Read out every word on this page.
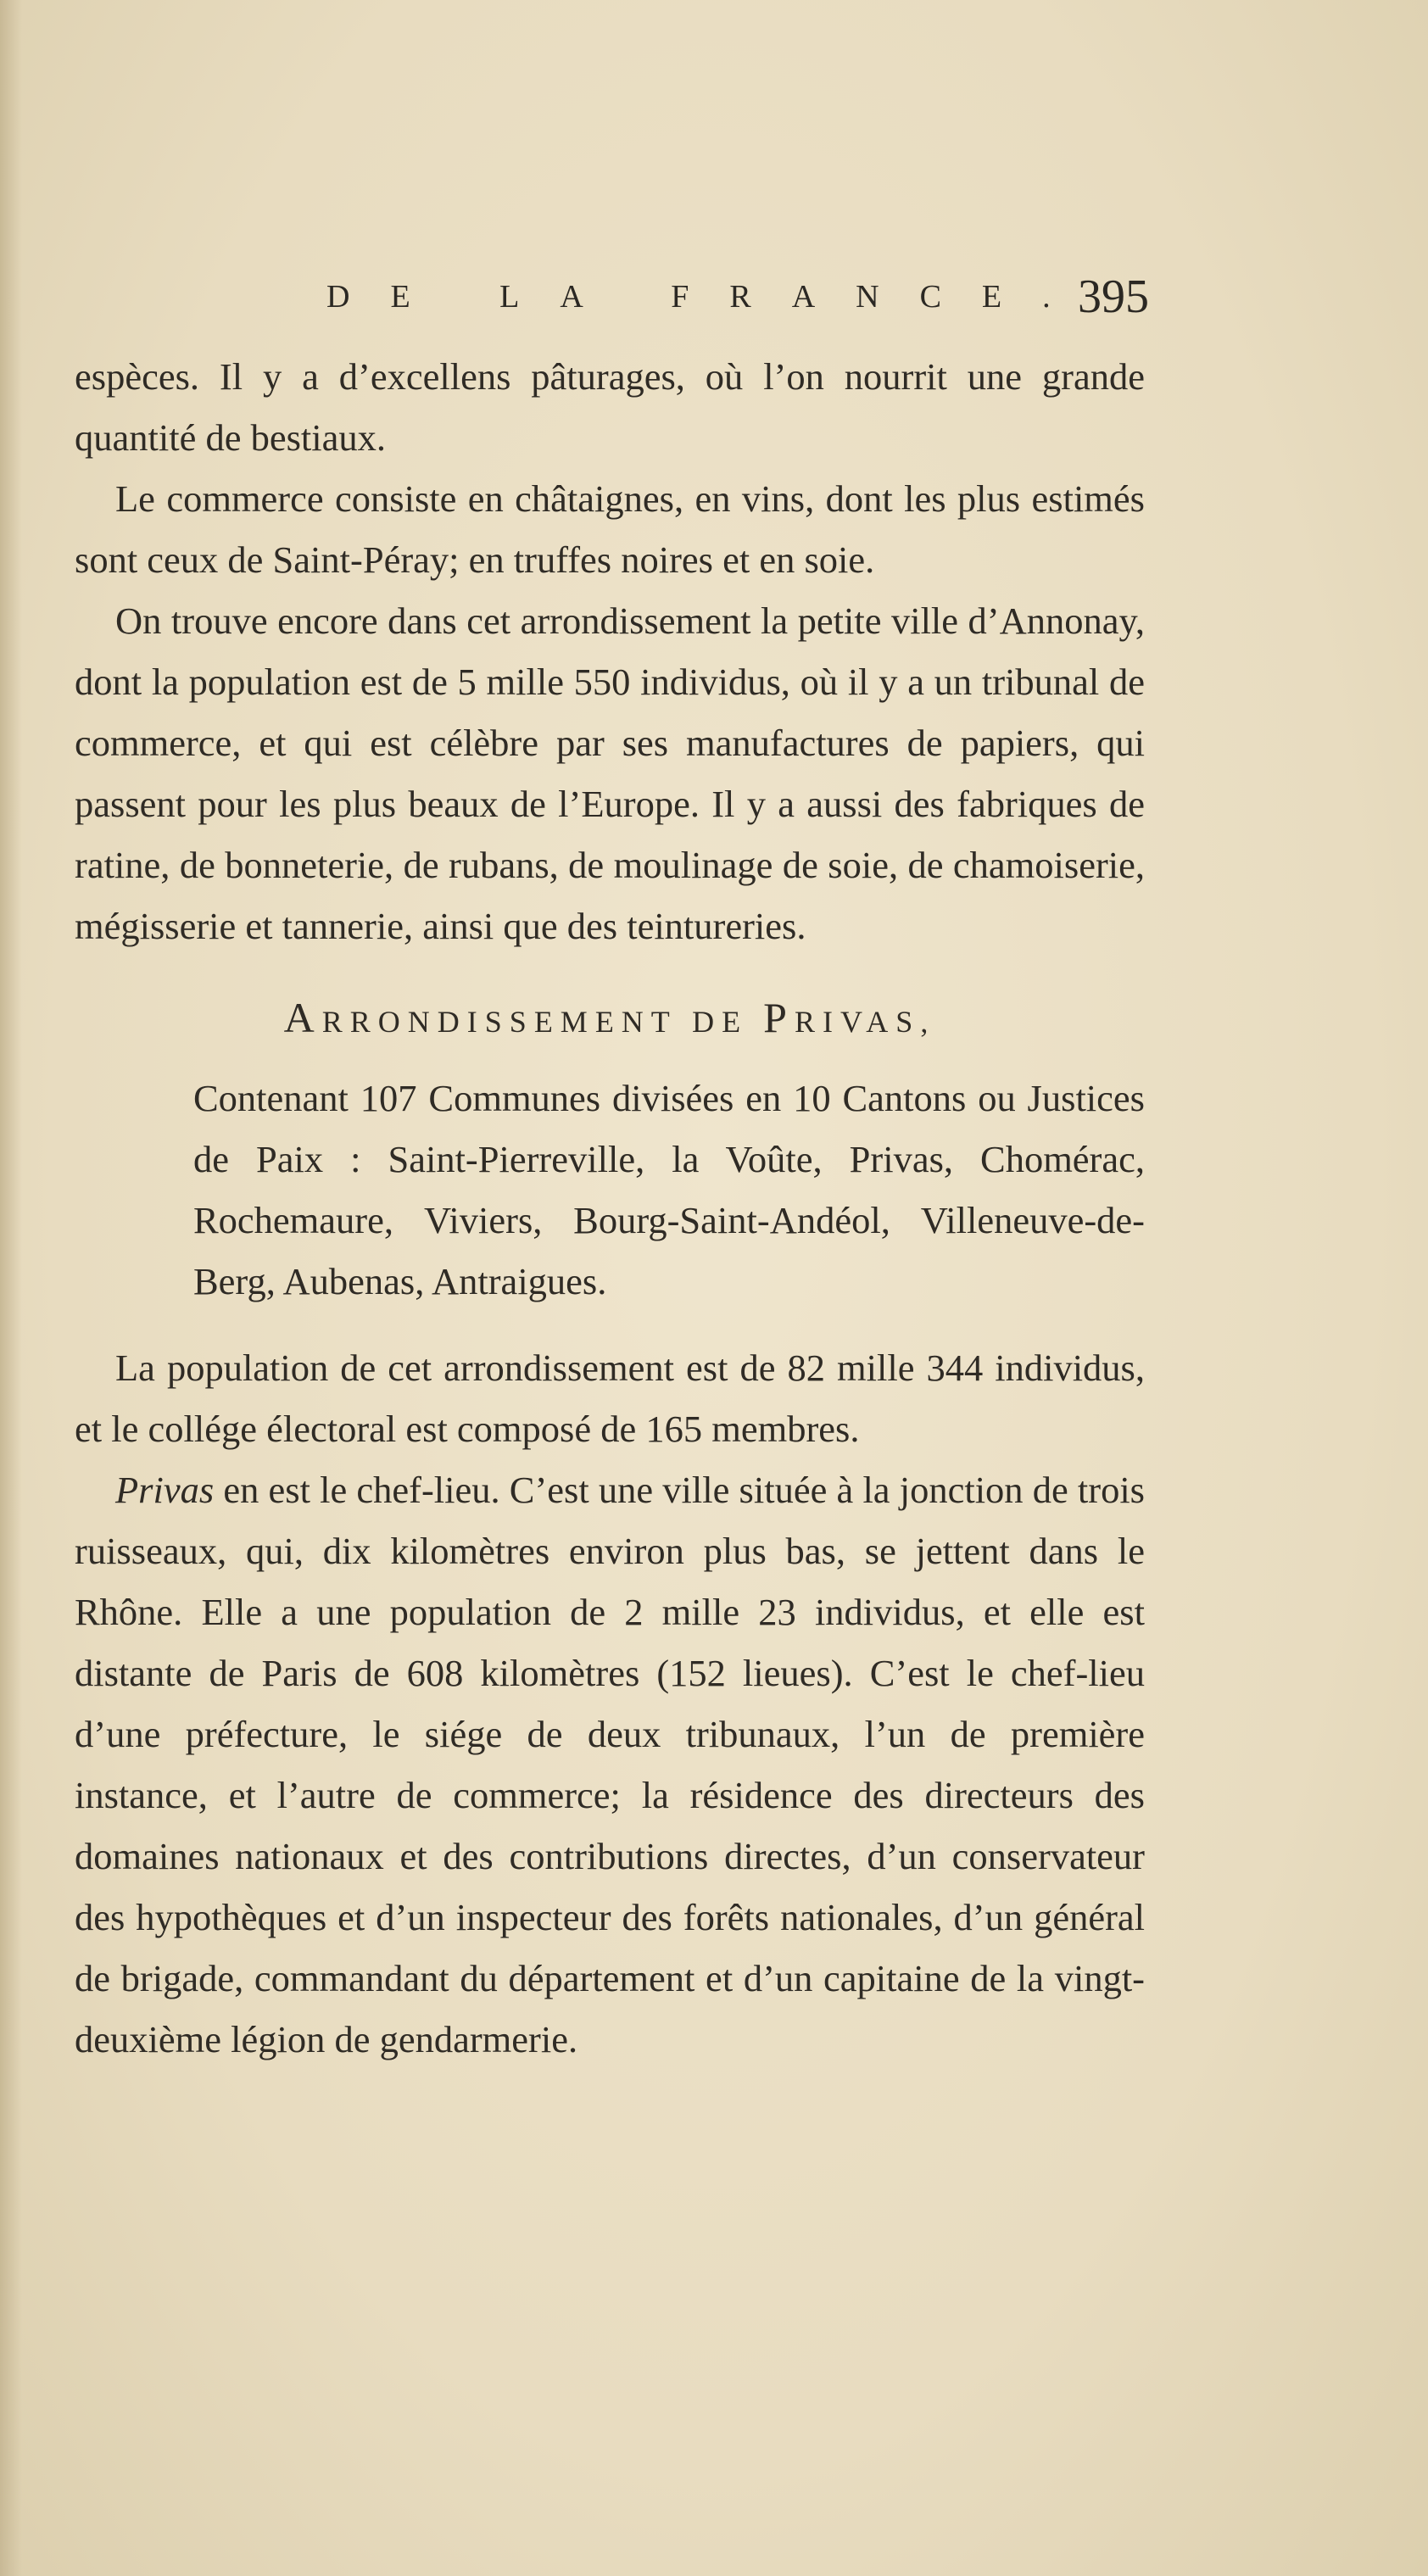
DE LA FRANCE.
395

espèces. Il y a d’excellens pâturages, où l’on nourrit une grande quantité de bestiaux.

Le commerce consiste en châtaignes, en vins, dont les plus estimés sont ceux de Saint-Péray; en truffes noires et en soie.

On trouve encore dans cet arrondissement la petite ville d’Annonay, dont la population est de 5 mille 550 individus, où il y a un tribunal de commerce, et qui est célèbre par ses manufactures de papiers, qui passent pour les plus beaux de l’Europe. Il y a aussi des fabriques de ratine, de bonneterie, de rubans, de moulinage de soie, de chamoiserie, mégisserie et tannerie, ainsi que des teintureries.

ARRONDISSEMENT DE PRIVAS,

Contenant 107 Communes divisées en 10 Cantons ou Justices de Paix : Saint-Pierreville, la Voûte, Privas, Chomérac, Rochemaure, Viviers, Bourg-Saint-Andéol, Villeneuve-de-Berg, Aubenas, Antraigues.

La population de cet arrondissement est de 82 mille 344 individus, et le collége électoral est composé de 165 membres.

Privas en est le chef-lieu. C’est une ville située à la jonction de trois ruisseaux, qui, dix kilomètres environ plus bas, se jettent dans le Rhône. Elle a une population de 2 mille 23 individus, et elle est distante de Paris de 608 kilomètres (152 lieues). C’est le chef-lieu d’une préfecture, le siége de deux tribunaux, l’un de première instance, et l’autre de commerce; la résidence des directeurs des domaines nationaux et des contributions directes, d’un conservateur des hypothèques et d’un inspecteur des forêts nationales, d’un général de brigade, commandant du département et d’un capitaine de la vingt-deuxième légion de gendarmerie.
